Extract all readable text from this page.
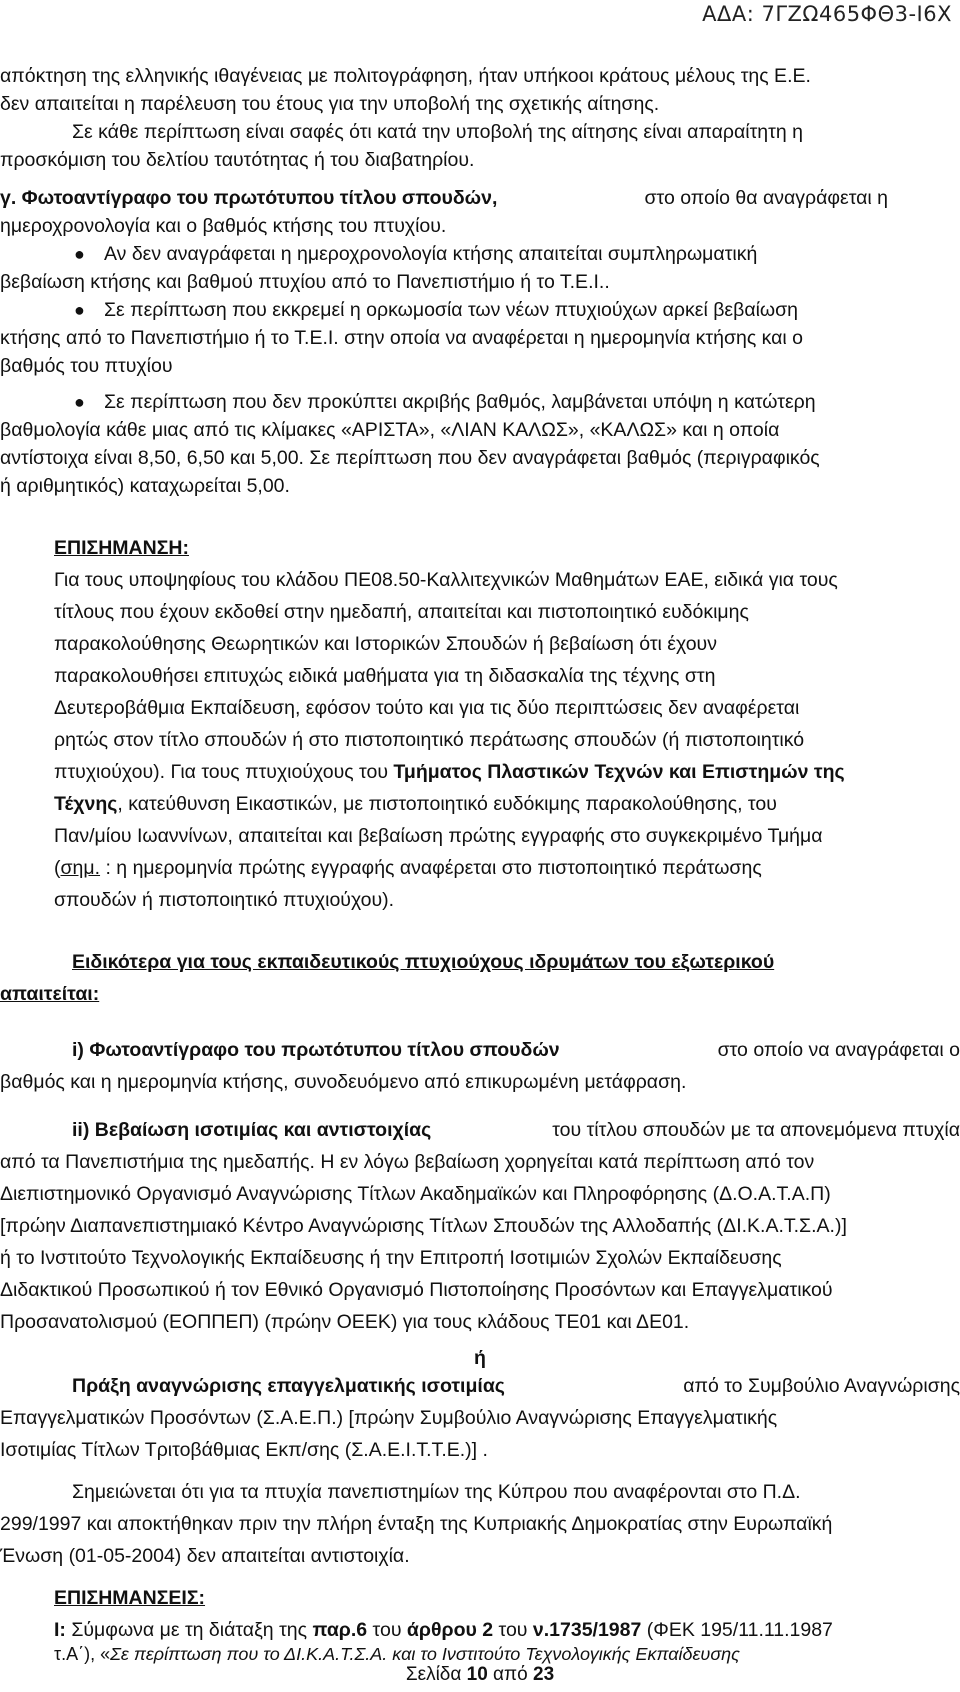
ΑΔΑ: 7ΓΖΩ465ΦΘ3-Ι6Χ
απόκτηση της ελληνικής ιθαγένειας με πολιτογράφηση, ήταν υπήκοοι κράτους μέλους της Ε.Ε.
δεν απαιτείται η παρέλευση του έτους για την υποβολή της σχετικής αίτησης.
Σε κάθε περίπτωση είναι σαφές ότι κατά την υποβολή της αίτησης είναι απαραίτητη η
προσκόμιση του δελτίου ταυτότητας ή του διαβατηρίου.
γ. Φωτοαντίγραφο του πρωτότυπου τίτλου σπουδών,	στο οποίο θα αναγράφεται η
ημεροχρονολογία και ο βαθμός κτήσης του πτυχίου.
● Αν δεν αναγράφεται η ημεροχρονολογία κτήσης απαιτείται συμπληρωματική
βεβαίωση κτήσης και βαθμού πτυχίου από το Πανεπιστήμιο ή το Τ.Ε.Ι..
● Σε περίπτωση που εκκρεμεί η ορκωμοσία των νέων πτυχιούχων αρκεί βεβαίωση
κτήσης από το Πανεπιστήμιο ή το Τ.Ε.Ι. στην οποία να αναφέρεται η ημερομηνία κτήσης και ο
βαθμός του πτυχίου
● Σε περίπτωση που δεν προκύπτει ακριβής βαθμός, λαμβάνεται υπόψη η κατώτερη
βαθμολογία κάθε μιας από τις κλίμακες «ΑΡΙΣΤΑ», «ΛΙΑΝ ΚΑΛΩΣ», «ΚΑΛΩΣ» και η οποία
αντίστοιχα είναι 8,50, 6,50 και 5,00. Σε περίπτωση που δεν αναγράφεται βαθμός (περιγραφικός
ή αριθμητικός) καταχωρείται 5,00.
ΕΠΙΣΗΜΑΝΣΗ:
Για τους υποψηφίους του κλάδου ΠΕ08.50-Καλλιτεχνικών Μαθημάτων ΕΑΕ, ειδικά για τους
τίτλους που έχουν εκδοθεί στην ημεδαπή, απαιτείται και πιστοποιητικό ευδόκιμης
παρακολούθησης Θεωρητικών και Ιστορικών Σπουδών ή βεβαίωση ότι έχουν
παρακολουθήσει επιτυχώς ειδικά μαθήματα για τη διδασκαλία της τέχνης στη
Δευτεροβάθμια Εκπαίδευση, εφόσον τούτο και για τις δύο περιπτώσεις δεν αναφέρεται
ρητώς στον τίτλο σπουδών ή στο πιστοποιητικό περάτωσης σπουδών (ή πιστοποιητικό
πτυχιούχου). Για τους πτυχιούχους του Τμήματος Πλαστικών Τεχνών και Επιστημών της
Τέχνης, κατεύθυνση Εικαστικών, με πιστοποιητικό ευδόκιμης παρακολούθησης, του
Παν/μίου Ιωαννίνων, απαιτείται και βεβαίωση πρώτης εγγραφής στο συγκεκριμένο Τμήμα
(σημ. : η ημερομηνία πρώτης εγγραφής αναφέρεται στο πιστοποιητικό περάτωσης
σπουδών ή πιστοποιητικό πτυχιούχου).
Ειδικότερα για τους εκπαιδευτικούς πτυχιούχους ιδρυμάτων του εξωτερικού
απαιτείται:
i) Φωτοαντίγραφο του πρωτότυπου τίτλου σπουδών	στο οποίο να αναγράφεται ο
βαθμός και η ημερομηνία κτήσης, συνοδευόμενο από επικυρωμένη μετάφραση.
ii) Βεβαίωση ισοτιμίας και αντιστοιχίας	του τίτλου σπουδών με τα απονεμόμενα πτυχία
από τα Πανεπιστήμια της ημεδαπής. Η εν λόγω βεβαίωση χορηγείται κατά περίπτωση από τον
Διεπιστημονικό Οργανισμό Αναγνώρισης Τίτλων Ακαδημαϊκών και Πληροφόρησης (Δ.Ο.Α.Τ.Α.Π)
[πρώην Διαπανεπιστημιακό Κέντρο Αναγνώρισης Τίτλων Σπουδών της Αλλοδαπής (ΔΙ.Κ.Α.Τ.Σ.Α.)]
ή το Ινστιτούτο Τεχνολογικής Εκπαίδευσης ή την Επιτροπή Ισοτιμιών Σχολών Εκπαίδευσης
Διδακτικού Προσωπικού ή τον Εθνικό Οργανισμό Πιστοποίησης Προσόντων και Επαγγελματικού
Προσανατολισμού (ΕΟΠΠΕΠ) (πρώην ΟΕΕΚ) για τους κλάδους ΤΕ01 και ΔΕ01.
ή
Πράξη αναγνώρισης επαγγελματικής ισοτιμίας	από το Συμβούλιο Αναγνώρισης
Επαγγελματικών Προσόντων (Σ.Α.Ε.Π.) [πρώην Συμβούλιο Αναγνώρισης Επαγγελματικής
Ισοτιμίας Τίτλων Τριτοβάθμιας Εκπ/σης (Σ.Α.Ε.Ι.Τ.Τ.Ε.)] .
Σημειώνεται ότι για τα πτυχία πανεπιστημίων της Κύπρου που αναφέρονται στο Π.Δ.
299/1997 και αποκτήθηκαν πριν την πλήρη ένταξη της Κυπριακής Δημοκρατίας στην Ευρωπαϊκή
Ένωση (01-05-2004) δεν απαιτείται αντιστοιχία.
ΕΠΙΣΗΜΑΝΣΕΙΣ:
Ι: Σύμφωνα με τη διάταξη της παρ.6 του άρθρου 2 του ν.1735/1987 (ΦΕΚ 195/11.11.1987
τ.Α΄), «Σε περίπτωση που το ΔΙ.Κ.Α.Τ.Σ.Α. και το Ινστιτούτο Τεχνολογικής Εκπαίδευσης
Σελίδα 10 από 23
